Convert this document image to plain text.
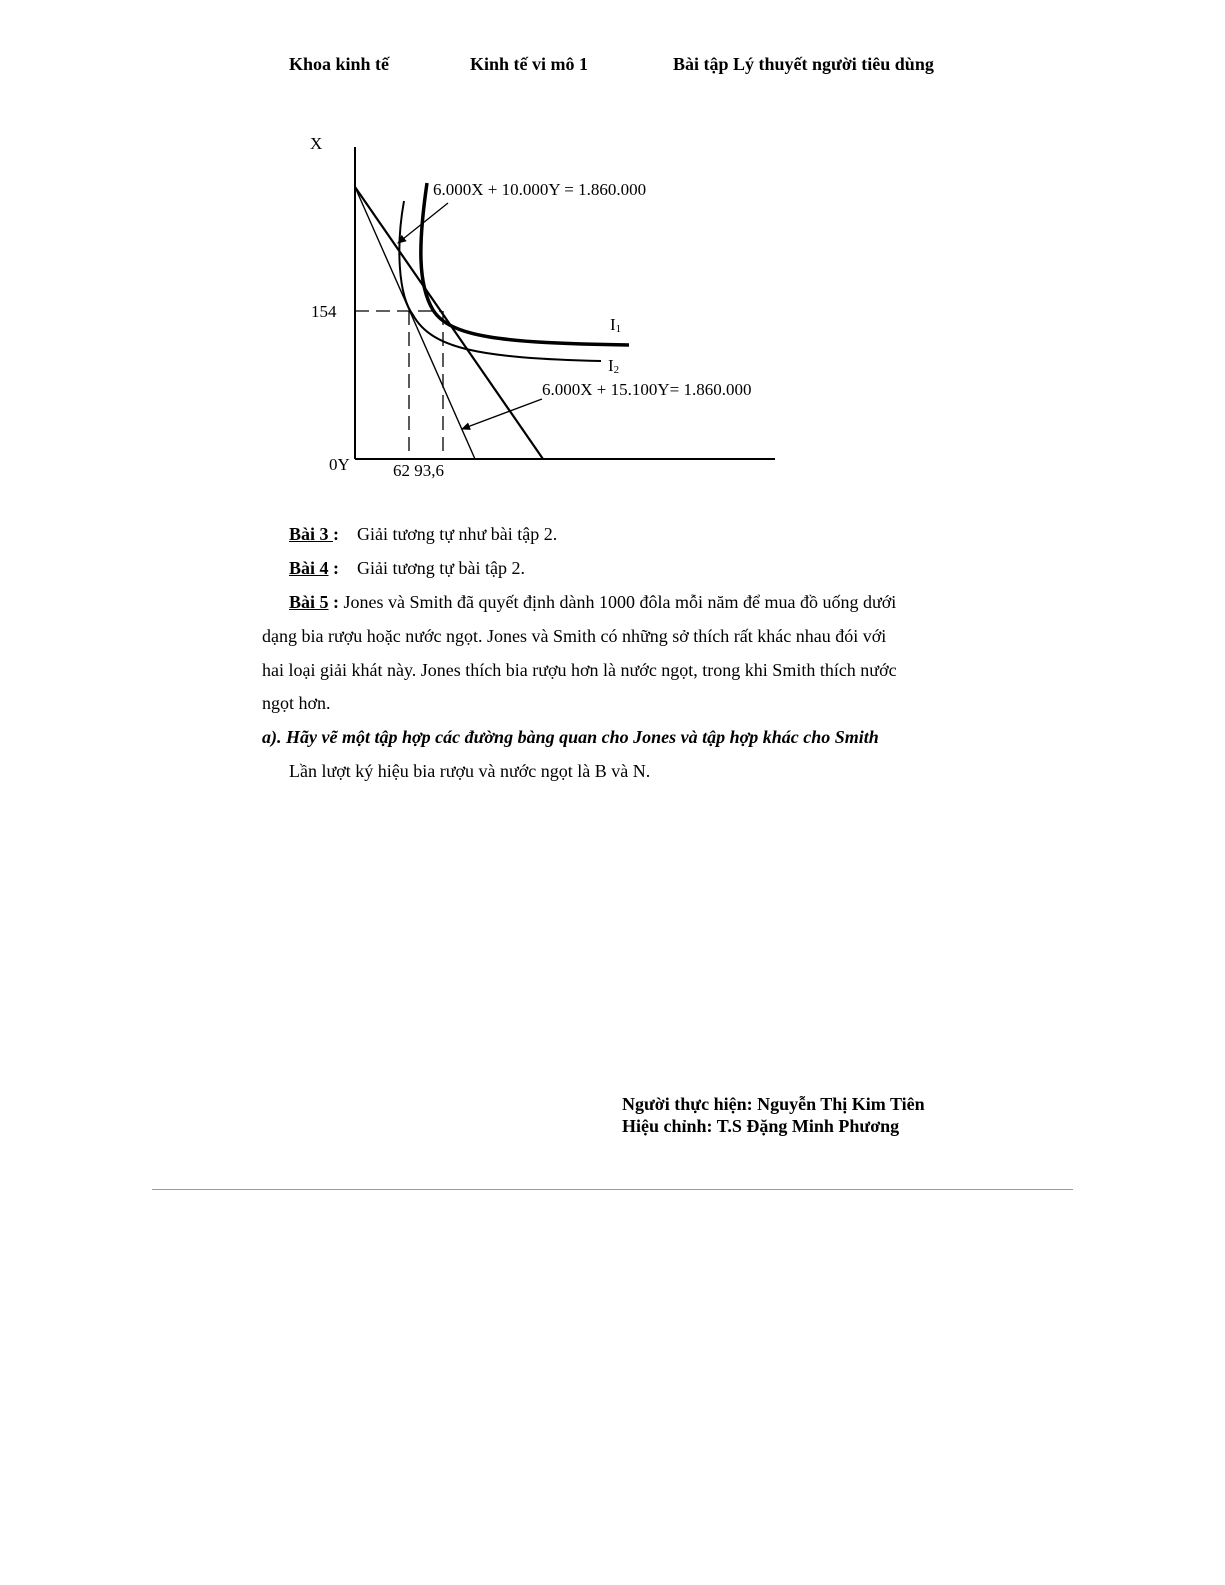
Khoa kinh tế	Kinh tế vi mô 1	Bài tập Lý thuyết người tiêu dùng
X
0Y
154
62 93,6
6.000X + 10.000Y = 1.860.000
6.000X + 15.100Y= 1.860.000
I1
I2
Bài 3 : Giải tương tự như bài tập 2.
Bài 4 : Giải tương tự bài tập 2.
Bài 5 : Jones và Smith đã quyết định dành 1000 đôla mỗi năm để mua đồ uống dưới
dạng bia rượu hoặc nước ngọt. Jones và Smith có những sở thích rất khác nhau đói với
hai loại giải khát này. Jones thích bia rượu hơn là nước ngọt, trong khi Smith thích nước
ngọt hơn.
a). Hãy vẽ một tập hợp các đường bàng quan cho Jones và tập hợp khác cho Smith
Lần lượt ký hiệu bia rượu và nước ngọt là B và N.
Người thực hiện: Nguyễn Thị Kim Tiên
Hiệu chỉnh: T.S Đặng Minh Phương
